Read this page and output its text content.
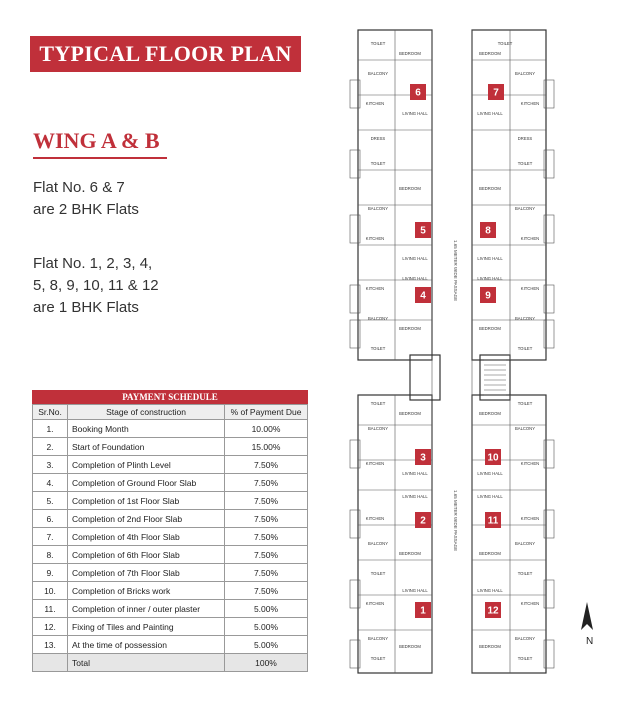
TYPICAL FLOOR PLAN
WING A & B
Flat No. 6 & 7
are 2 BHK Flats
Flat No. 1, 2, 3, 4,
5, 8, 9, 10, 11 & 12
are 1 BHK Flats
PAYMENT SCHEDULE
Sr.No.	Stage of construction	% of Payment Due
1.	Booking Month	10.00%
2.	Start of Foundation	15.00%
3.	Completion of Plinth Level	7.50%
4.	Completion of Ground Floor Slab	7.50%
5.	Completion of 1st Floor Slab	7.50%
6.	Completion of 2nd Floor Slab	7.50%
7.	Completion of 4th Floor Slab	7.50%
8.	Completion of 6th Floor Slab	7.50%
9.	Completion of 7th Floor Slab	7.50%
10.	Completion of Bricks work	7.50%
11.	Completion of inner / outer plaster	5.00%
12.	Fixing of Tiles and Painting	5.00%
13.	At the time of possession	5.00%
	Total	100%
TOILET
BEDROOM
BALCONY
KITCHEN
LIVING HALL
DRESS
TOILET
BEDROOM
TOILET
BEDROOM
BALCONY
KITCHEN
LIVING HALL
DRESS
TOILET
BEDROOM
BALCONY
KITCHEN
LIVING HALL
KITCHEN
LIVING HALL
BALCONY
BEDROOM
TOILET
BALCONY
KITCHEN
LIVING HALL
KITCHEN
LIVING HALL
BALCONY
BEDROOM
TOILET
TOILET
BEDROOM
BALCONY
KITCHEN
LIVING HALL
KITCHEN
LIVING HALL
BALCONY
BEDROOM
TOILET
KITCHEN
LIVING HALL
BALCONY
BEDROOM
TOILET
TOILET
BEDROOM
BALCONY
KITCHEN
LIVING HALL
KITCHEN
LIVING HALL
BALCONY
BEDROOM
TOILET
KITCHEN
LIVING HALL
BALCONY
BEDROOM
TOILET
6	7
5	8
4	9
3	10
2	11
1	12
1.65 METER WIDE PASSAGE
1.65 METER WIDE PASSAGE
N
